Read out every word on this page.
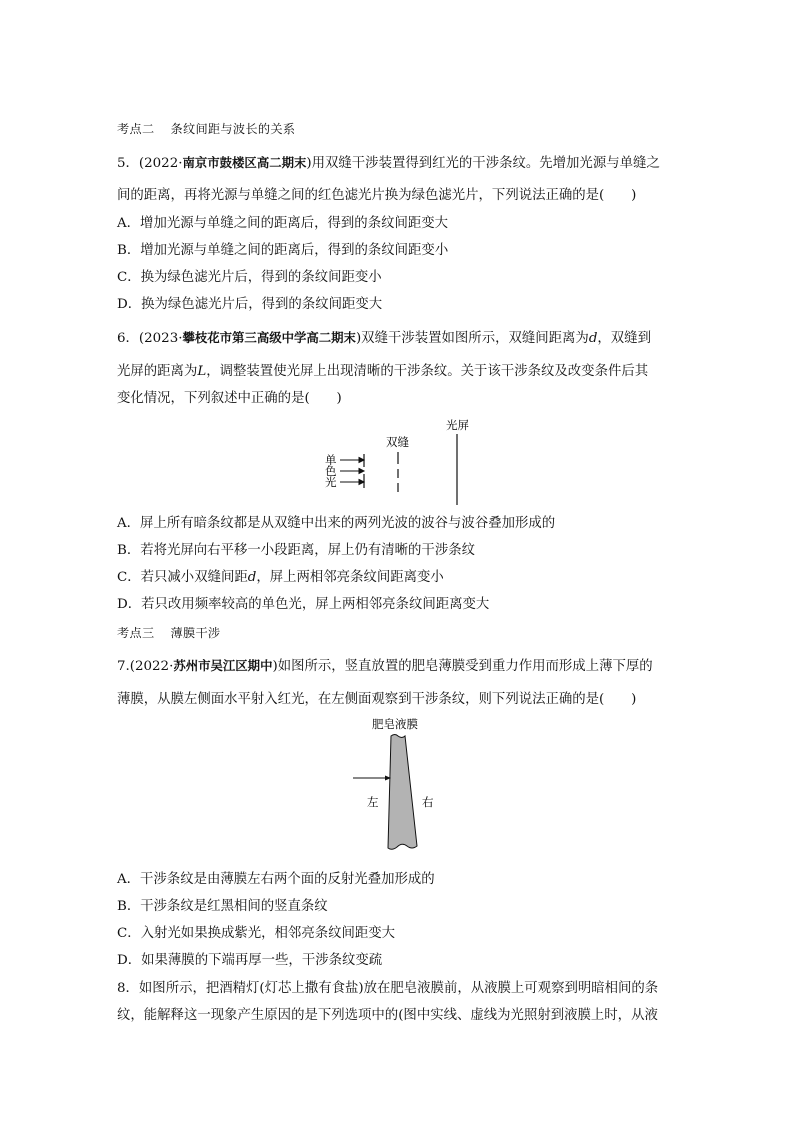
考点二 条纹间距与波长的关系
5．(2022·南京市鼓楼区高二期末)用双缝干涉装置得到红光的干涉条纹。先增加光源与单缝之
间的距离，再将光源与单缝之间的红色滤光片换为绿色滤光片，下列说法正确的是(　　)
A．增加光源与单缝之间的距离后，得到的条纹间距变大
B．增加光源与单缝之间的距离后，得到的条纹间距变小
C．换为绿色滤光片后，得到的条纹间距变小
D．换为绿色滤光片后，得到的条纹间距变大
6．(2023·攀枝花市第三高级中学高二期末)双缝干涉装置如图所示，双缝间距离为d，双缝到
光屏的距离为L，调整装置使光屏上出现清晰的干涉条纹。关于该干涉条纹及改变条件后其
变化情况，下列叙述中正确的是(　　)
光屏
双缝
单
色
光
A．屏上所有暗条纹都是从双缝中出来的两列光波的波谷与波谷叠加形成的
B．若将光屏向右平移一小段距离，屏上仍有清晰的干涉条纹
C．若只减小双缝间距d，屏上两相邻亮条纹间距离变小
D．若只改用频率较高的单色光，屏上两相邻亮条纹间距离变大
考点三 薄膜干涉
7.(2022·苏州市吴江区期中)如图所示，竖直放置的肥皂薄膜受到重力作用而形成上薄下厚的
薄膜，从膜左侧面水平射入红光，在左侧面观察到干涉条纹，则下列说法正确的是(　　)
肥皂液膜
左	右
A．干涉条纹是由薄膜左右两个面的反射光叠加形成的
B．干涉条纹是红黑相间的竖直条纹
C．入射光如果换成紫光，相邻亮条纹间距变大
D．如果薄膜的下端再厚一些，干涉条纹变疏
8．如图所示，把酒精灯(灯芯上撒有食盐)放在肥皂液膜前，从液膜上可观察到明暗相间的条
纹，能解释这一现象产生原因的是下列选项中的(图中实线、虚线为光照射到液膜上时，从液
